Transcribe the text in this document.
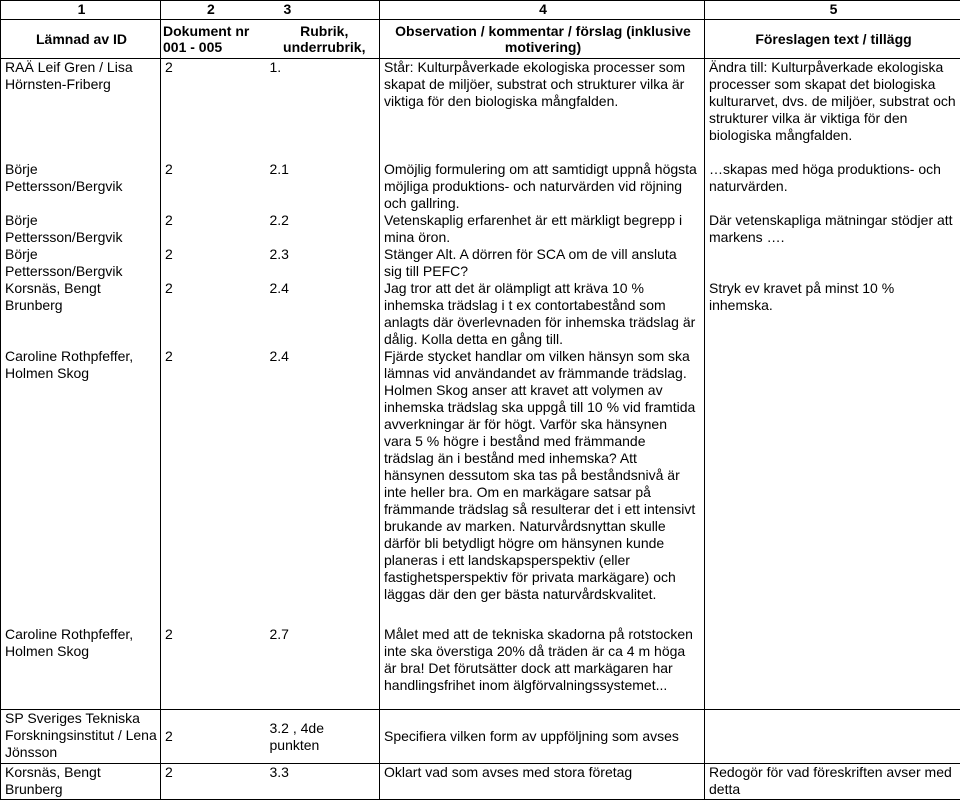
1	2	3	4	5
Lämnad av ID	Dokument nr 001 - 005	Rubrik, underrubrik,	Observation / kommentar / förslag (inklusive motivering)	Föreslagen text / tillägg
RAÄ Leif Gren / Lisa Hörnsten-Friberg	2	1.	Står: Kulturpåverkade ekologiska processer som skapat de miljöer, substrat och strukturer vilka är viktiga för den biologiska mångfalden.	Ändra till: Kulturpåverkade ekologiska processer som skapat det biologiska kulturarvet, dvs. de miljöer, substrat och strukturer vilka är viktiga för den biologiska mångfalden.
Börje Pettersson/Bergvik	2	2.1	Omöjlig formulering om att samtidigt uppnå högsta möjliga produktions- och naturvärden vid röjning och gallring.	…skapas med höga produktions- och naturvärden.
Börje Pettersson/Bergvik	2	2.2	Vetenskaplig erfarenhet är ett märkligt begrepp i mina öron.	Där vetenskapliga mätningar stödjer att markens ….
Börje Pettersson/Bergvik	2	2.3	Stänger Alt. A dörren för SCA om de vill ansluta sig till PEFC?	
Korsnäs, Bengt Brunberg	2	2.4	Jag tror att det är olämpligt att kräva 10 % inhemska trädslag i t ex contortabestånd som anlagts där överlevnaden för inhemska trädslag är dålig. Kolla detta en gång till.	Stryk ev kravet på minst 10 % inhemska.
Caroline Rothpfeffer, Holmen Skog	2	2.4	Fjärde stycket handlar om vilken hänsyn som ska lämnas vid användandet av främmande trädslag. Holmen Skog anser att kravet att volymen av inhemska trädslag ska uppgå till 10 % vid framtida avverkningar är för högt. Varför ska hänsynen vara 5 % högre i bestånd med främmande trädslag än i bestånd med inhemska? Att hänsynen dessutom ska tas på beståndsnivå är inte heller bra. Om en markägare satsar på främmande trädslag så resulterar det i ett intensivt brukande av marken. Naturvårdsnyttan skulle därför bli betydligt högre om hänsynen kunde planeras i ett landskapsperspektiv (eller fastighetsperspektiv för privata markägare) och läggas där den ger bästa naturvårdskvalitet.	
Caroline Rothpfeffer, Holmen Skog	2	2.7	Målet med att de tekniska skadorna på rotstocken inte ska överstiga 20% då träden är ca 4 m höga är bra! Det förutsätter dock att markägaren har handlingsfrihet inom älgförvalningssystemet...	
SP Sveriges Tekniska Forskningsinstitut / Lena Jönsson	2	3.2 , 4de punkten	Specifiera vilken form av uppföljning som avses	
Korsnäs, Bengt Brunberg	2	3.3	Oklart vad som avses med stora företag	Redogör för vad föreskriften avser med detta
